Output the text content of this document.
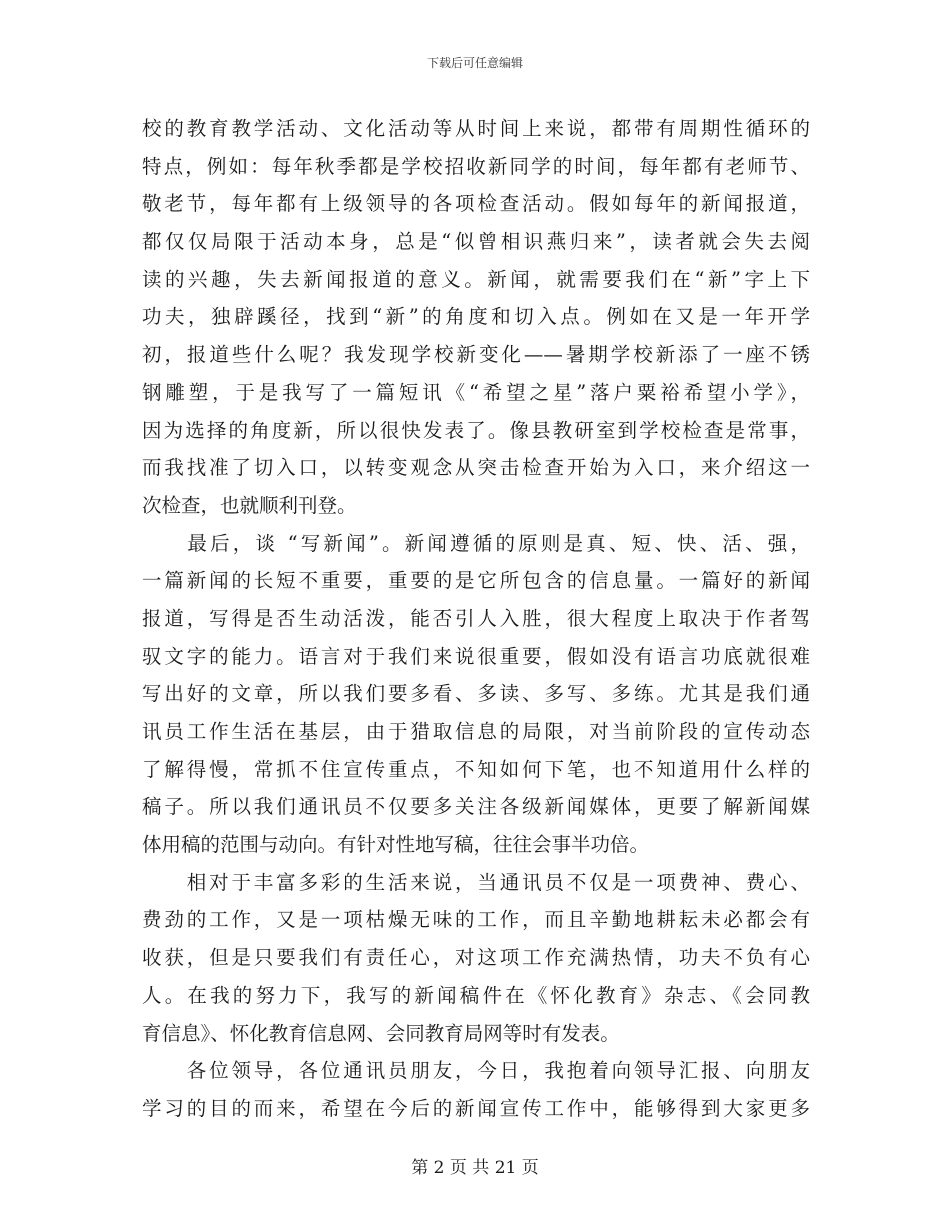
下载后可任意编辑
校的教育教学活动、文化活动等从时间上来说，都带有周期性循环的
特点，例如：每年秋季都是学校招收新同学的时间，每年都有老师节、
敬老节，每年都有上级领导的各项检查活动。假如每年的新闻报道，
都仅仅局限于活动本身，总是“似曾相识燕归来”，读者就会失去阅
读的兴趣，失去新闻报道的意义。新闻，就需要我们在“新”字上下
功夫，独辟蹊径，找到“新”的角度和切入点。例如在又是一年开学
初，报道些什么呢？我发现学校新变化——暑期学校新添了一座不锈
钢雕塑，于是我写了一篇短讯《“希望之星”落户粟裕希望小学》，
因为选择的角度新，所以很快发表了。像县教研室到学校检查是常事，
而我找准了切入口，以转变观念从突击检查开始为入口，来介绍这一
次检查，也就顺利刊登。
　　最后，谈 “写新闻”。新闻遵循的原则是真、短、快、活、强，
一篇新闻的长短不重要，重要的是它所包含的信息量。一篇好的新闻
报道，写得是否生动活泼，能否引人入胜，很大程度上取决于作者驾
驭文字的能力。语言对于我们来说很重要，假如没有语言功底就很难
写出好的文章，所以我们要多看、多读、多写、多练。尤其是我们通
讯员工作生活在基层，由于猎取信息的局限，对当前阶段的宣传动态
了解得慢，常抓不住宣传重点，不知如何下笔，也不知道用什么样的
稿子。所以我们通讯员不仅要多关注各级新闻媒体，更要了解新闻媒
体用稿的范围与动向。有针对性地写稿，往往会事半功倍。
　　相对于丰富多彩的生活来说，当通讯员不仅是一项费神、费心、
费劲的工作，又是一项枯燥无味的工作，而且辛勤地耕耘未必都会有
收获，但是只要我们有责任心，对这项工作充满热情，功夫不负有心
人。在我的努力下，我写的新闻稿件在《怀化教育》杂志、《会同教
育信息》、怀化教育信息网、会同教育局网等时有发表。
　　各位领导，各位通讯员朋友，今日，我抱着向领导汇报、向朋友
学习的目的而来，希望在今后的新闻宣传工作中，能够得到大家更多
第 2 页 共 21 页
